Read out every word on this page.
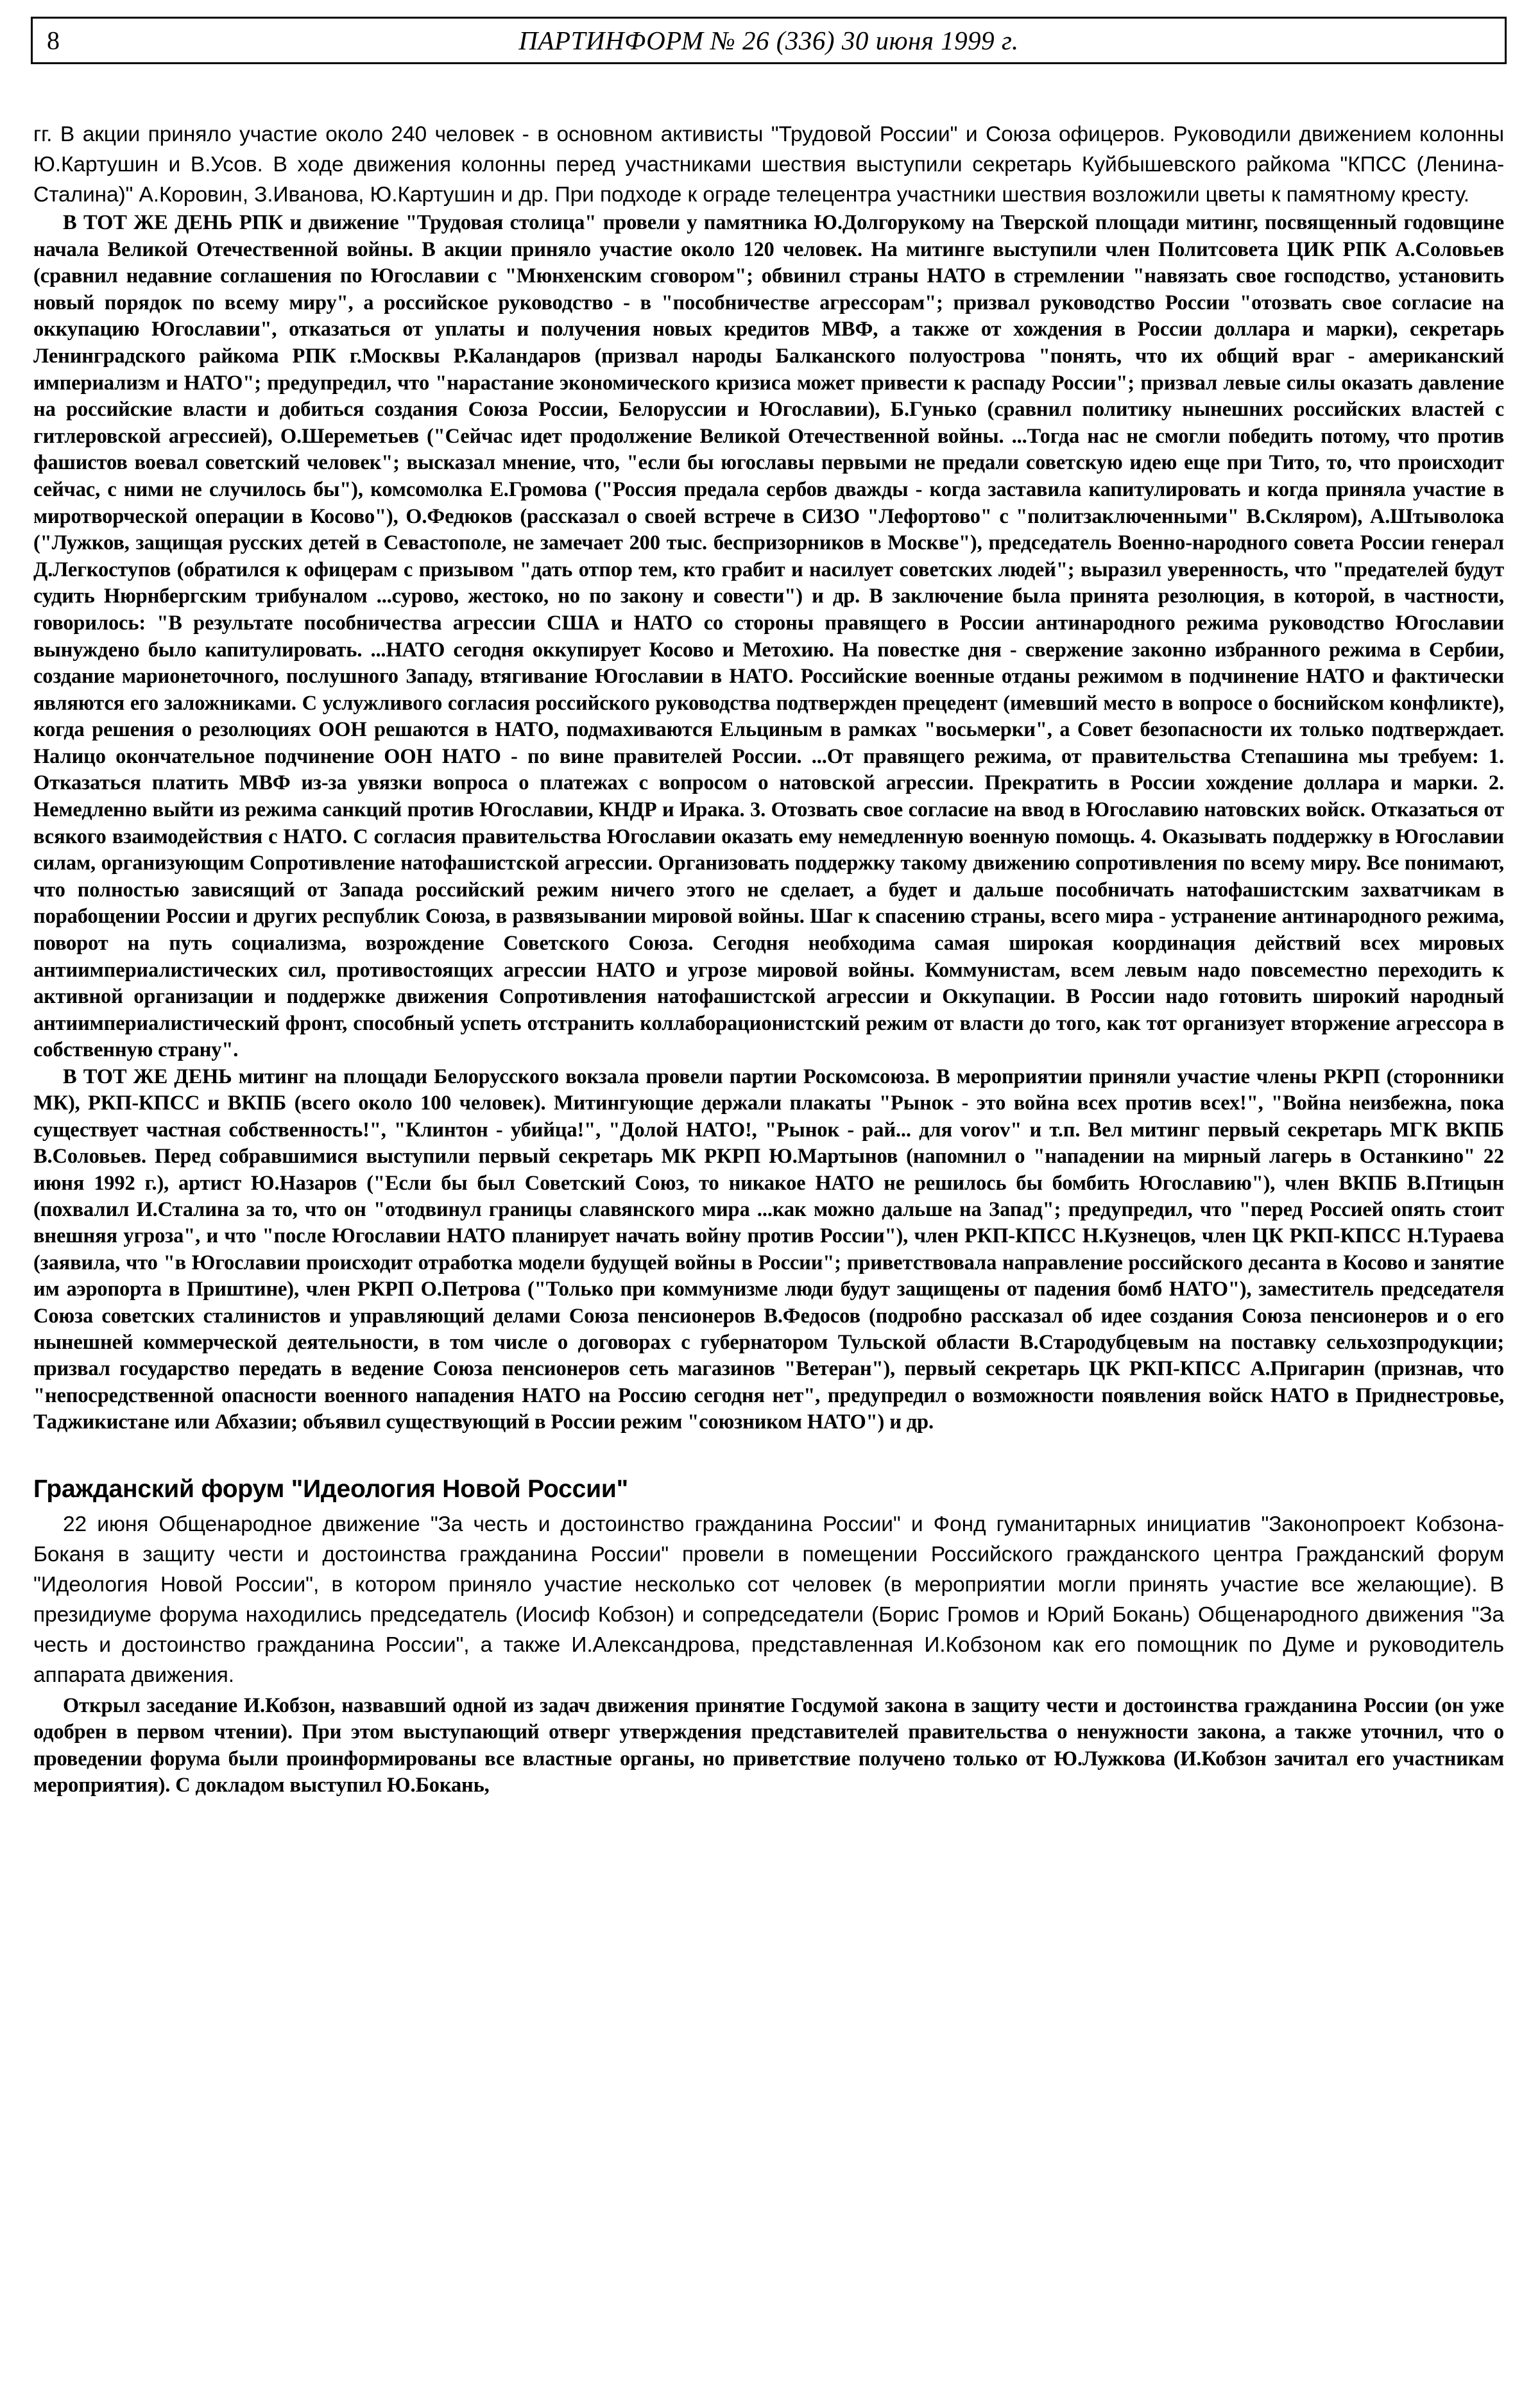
8	ПАРТИНФОРМ № 26 (336) 30 июня 1999 г.

гг. В акции приняло участие около 240 человек - в основном активисты "Трудовой России" и Союза офицеров. Руководили движением колонны Ю.Картушин и В.Усов. В ходе движения колонны перед участниками шествия выступили секретарь Куйбышевского райкома "КПСС (Ленина-Сталина)" А.Коровин, З.Иванова, Ю.Картушин и др. При подходе к ограде телецентра участники шествия возложили цветы к памятному кресту.

В ТОТ ЖЕ ДЕНЬ РПК и движение "Трудовая столица" провели у памятника Ю.Долгорукому на Тверской площади митинг, посвященный годовщине начала Великой Отечественной войны. В акции приняло участие около 120 человек. На митинге выступили член Политсовета ЦИК РПК А.Соловьев (сравнил недавние соглашения по Югославии с "Мюнхенским сговором"; обвинил страны НАТО в стремлении "навязать свое господство, установить новый порядок по всему миру", а российское руководство - в "пособничестве агрессорам"; призвал руководство России "отозвать свое согласие на оккупацию Югославии", отказаться от уплаты и получения новых кредитов МВФ, а также от хождения в России доллара и марки), секретарь Ленинградского райкома РПК г.Москвы Р.Каландаров (призвал народы Балканского полуострова "понять, что их общий враг - американский империализм и НАТО"; предупредил, что "нарастание экономического кризиса может привести к распаду России"; призвал левые силы оказать давление на российские власти и добиться создания Союза России, Белоруссии и Югославии), Б.Гунько (сравнил политику нынешних российских властей с гитлеровской агрессией), О.Шереметьев ("Сейчас идет продолжение Великой Отечественной войны. ...Тогда нас не смогли победить потому, что против фашистов воевал советский человек"; высказал мнение, что, "если бы югославы первыми не предали советскую идею еще при Тито, то, что происходит сейчас, с ними не случилось бы"), комсомолка Е.Громова ("Россия предала сербов дважды - когда заставила капитулировать и когда приняла участие в миротворческой операции в Косово"), О.Федюков (рассказал о своей встрече в СИЗО "Лефортово" с "политзаключенными" В.Скляром), А.Штыволока ("Лужков, защищая русских детей в Севастополе, не замечает 200 тыс. беспризорников в Москве"), председатель Военно-народного совета России генерал Д.Легкоступов (обратился к офицерам с призывом "дать отпор тем, кто грабит и насилует советских людей"; выразил уверенность, что "предателей будут судить Нюрнбергским трибуналом ...сурово, жестоко, но по закону и совести") и др. В заключение была принята резолюция, в которой, в частности, говорилось: "В результате пособничества агрессии США и НАТО со стороны правящего в России антинародного режима руководство Югославии вынуждено было капитулировать. ...НАТО сегодня оккупирует Косово и Метохию. На повестке дня - свержение законно избранного режима в Сербии, создание марионеточного, послушного Западу, втягивание Югославии в НАТО. Российские военные отданы режимом в подчинение НАТО и фактически являются его заложниками. С услужливого согласия российского руководства подтвержден прецедент (имевший место в вопросе о боснийском конфликте), когда решения о резолюциях ООН решаются в НАТО, подмахиваются Ельциным в рамках "восьмерки", а Совет безопасности их только подтверждает. Налицо окончательное подчинение ООН НАТО - по вине правителей России. ...От правящего режима, от правительства Степашина мы требуем: 1. Отказаться платить МВФ из-за увязки вопроса о платежах с вопросом о натовской агрессии. Прекратить в России хождение доллара и марки. 2. Немедленно выйти из режима санкций против Югославии, КНДР и Ирака. 3. Отозвать свое согласие на ввод в Югославию натовских войск. Отказаться от всякого взаимодействия с НАТО. С согласия правительства Югославии оказать ему немедленную военную помощь. 4. Оказывать поддержку в Югославии силам, организующим Сопротивление натофашистской агрессии. Организовать поддержку такому движению сопротивления по всему миру. Все понимают, что полностью зависящий от Запада российский режим ничего этого не сделает, а будет и дальше пособничать натофашистским захватчикам в порабощении России и других республик Союза, в развязывании мировой войны. Шаг к спасению страны, всего мира - устранение антинародного режима, поворот на путь социализма, возрождение Советского Союза. Сегодня необходима самая широкая координация действий всех мировых антиимпериалистических сил, противостоящих агрессии НАТО и угрозе мировой войны. Коммунистам, всем левым надо повсеместно переходить к активной организации и поддержке движения Сопротивления натофашистской агрессии и Оккупации. В России надо готовить широкий народный антиимпериалистический фронт, способный успеть отстранить коллаборационистский режим от власти до того, как тот организует вторжение агрессора в собственную страну".

В ТОТ ЖЕ ДЕНЬ митинг на площади Белорусского вокзала провели партии Роскомсоюза. В мероприятии приняли участие члены РКРП (сторонники МК), РКП-КПСС и ВКПБ (всего около 100 человек). Митингующие держали плакаты "Рынок - это война всех против всех!", "Война неизбежна, пока существует частная собственность!", "Клинтон - убийца!", "Долой НАТО!, "Рынок - рай... для vorov" и т.п. Вел митинг первый секретарь МГК ВКПБ В.Соловьев. Перед собравшимися выступили первый секретарь МК РКРП Ю.Мартынов (напомнил о "нападении на мирный лагерь в Останкино" 22 июня 1992 г.), артист Ю.Назаров ("Если бы был Советский Союз, то никакое НАТО не решилось бы бомбить Югославию"), член ВКПБ В.Птицын (похвалил И.Сталина за то, что он "отодвинул границы славянского мира ...как можно дальше на Запад"; предупредил, что "перед Россией опять стоит внешняя угроза", и что "после Югославии НАТО планирует начать войну против России"), член РКП-КПСС Н.Кузнецов, член ЦК РКП-КПСС Н.Тураева (заявила, что "в Югославии происходит отработка модели будущей войны в России"; приветствовала направление российского десанта в Косово и занятие им аэропорта в Приштине), член РКРП О.Петрова ("Только при коммунизме люди будут защищены от падения бомб НАТО"), заместитель председателя Союза советских сталинистов и управляющий делами Союза пенсионеров В.Федосов (подробно рассказал об идее создания Союза пенсионеров и о его нынешней коммерческой деятельности, в том числе о договорах с губернатором Тульской области В.Стародубцевым на поставку сельхозпродукции; призвал государство передать в ведение Союза пенсионеров сеть магазинов "Ветеран"), первый секретарь ЦК РКП-КПСС А.Пригарин (признав, что "непосредственной опасности военного нападения НАТО на Россию сегодня нет", предупредил о возможности появления войск НАТО в Приднестровье, Таджикистане или Абхазии; объявил существующий в России режим "союзником НАТО") и др.

Гражданский форум "Идеология Новой России"

22 июня Общенародное движение "За честь и достоинство гражданина России" и Фонд гуманитарных инициатив "Законопроект Кобзона-Боканя в защиту чести и достоинства гражданина России" провели в помещении Российского гражданского центра Гражданский форум "Идеология Новой России", в котором приняло участие несколько сот человек (в мероприятии могли принять участие все желающие). В президиуме форума находились председатель (Иосиф Кобзон) и сопредседатели (Борис Громов и Юрий Бокань) Общенародного движения "За честь и достоинство гражданина России", а также И.Александрова, представленная И.Кобзоном как его помощник по Думе и руководитель аппарата движения.

Открыл заседание И.Кобзон, назвавший одной из задач движения принятие Госдумой закона в защиту чести и достоинства гражданина России (он уже одобрен в первом чтении). При этом выступающий отверг утверждения представителей правительства о ненужности закона, а также уточнил, что о проведении форума были проинформированы все властные органы, но приветствие получено только от Ю.Лужкова (И.Кобзон зачитал его участникам мероприятия). С докладом выступил Ю.Бокань,
